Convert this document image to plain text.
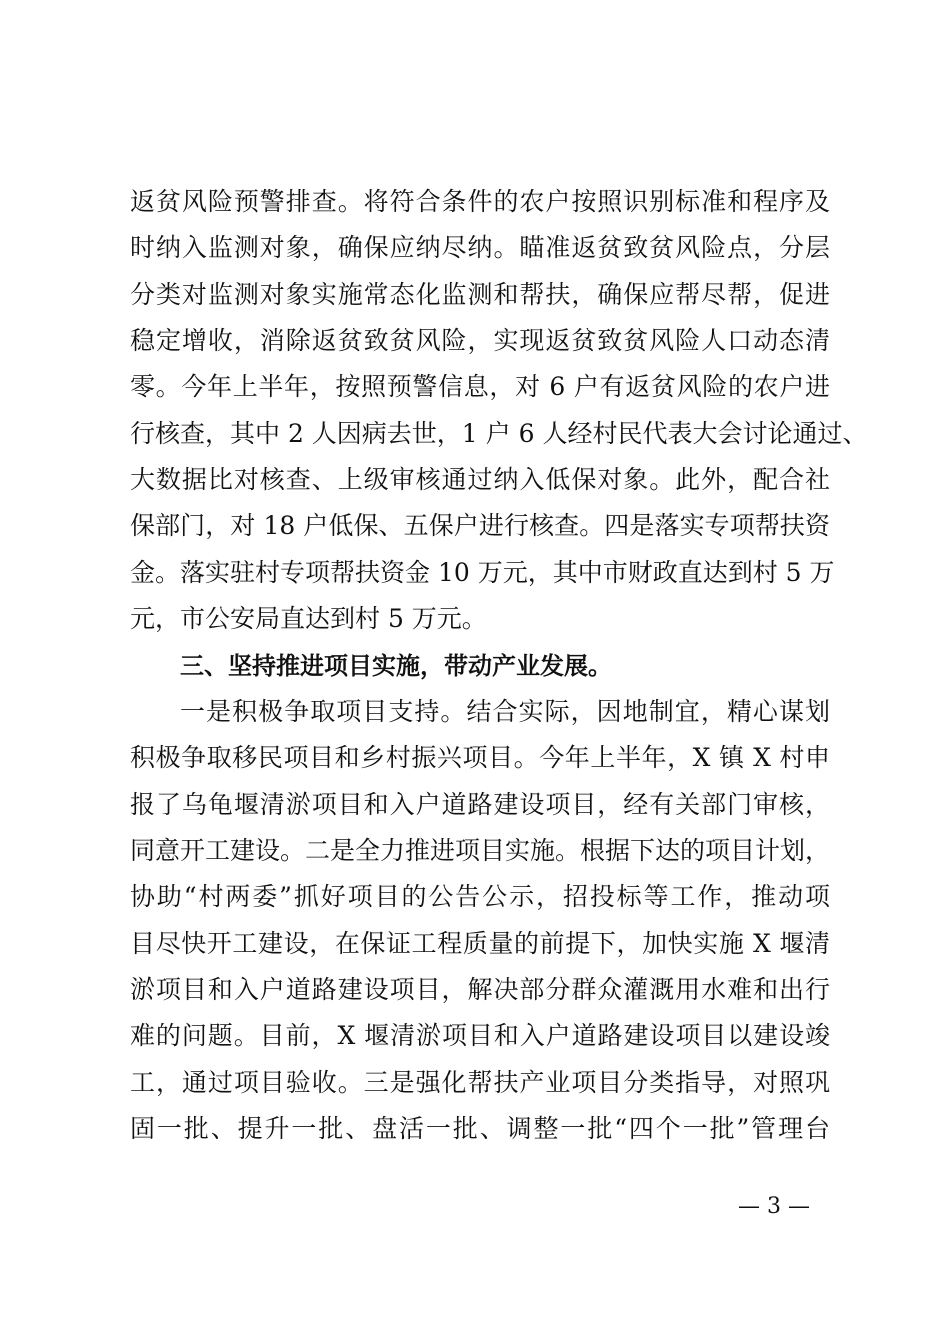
返贫风险预警排查。将符合条件的农户按照识别标准和程序及
时纳入监测对象，确保应纳尽纳。瞄准返贫致贫风险点，分层
分类对监测对象实施常态化监测和帮扶，确保应帮尽帮，促进
稳定增收，消除返贫致贫风险，实现返贫致贫风险人口动态清
零。今年上半年，按照预警信息，对 6 户有返贫风险的农户进
行核查，其中 2 人因病去世，1 户 6 人经村民代表大会讨论通过、
大数据比对核查、上级审核通过纳入低保对象。此外，配合社
保部门，对 18 户低保、五保户进行核查。四是落实专项帮扶资
金。落实驻村专项帮扶资金 10 万元，其中市财政直达到村 5 万
元，市公安局直达到村 5 万元。
三、坚持推进项目实施，带动产业发展。
一是积极争取项目支持。结合实际，因地制宜，精心谋划
积极争取移民项目和乡村振兴项目。今年上半年，X 镇 X 村申
报了乌龟堰清淤项目和入户道路建设项目，经有关部门审核，
同意开工建设。二是全力推进项目实施。根据下达的项目计划，
协助“村两委”抓好项目的公告公示，招投标等工作，推动项
目尽快开工建设，在保证工程质量的前提下，加快实施 X 堰清
淤项目和入户道路建设项目，解决部分群众灌溉用水难和出行
难的问题。目前，X 堰清淤项目和入户道路建设项目以建设竣
工，通过项目验收。三是强化帮扶产业项目分类指导，对照巩
固一批、提升一批、盘活一批、调整一批“四个一批”管理台
— 3 —
